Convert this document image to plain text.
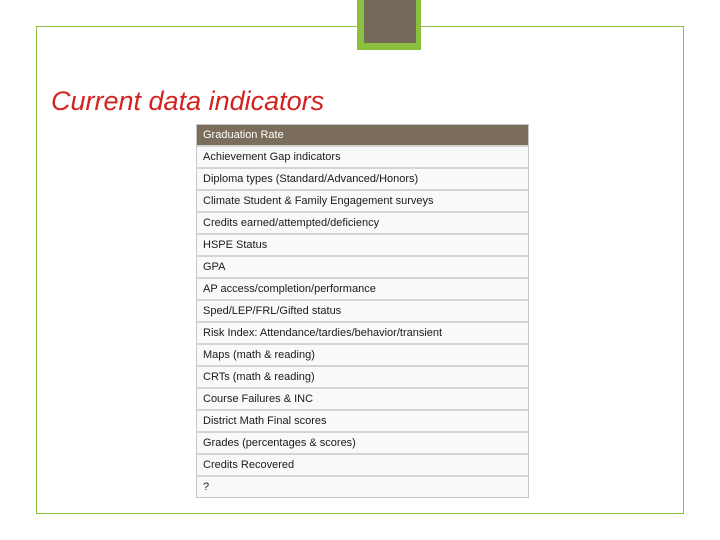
Current data indicators
Graduation Rate
Achievement Gap indicators
Diploma types (Standard/Advanced/Honors)
Climate Student & Family Engagement surveys
Credits earned/attempted/deficiency
HSPE Status
GPA
AP access/completion/performance
Sped/LEP/FRL/Gifted status
Risk Index: Attendance/tardies/behavior/transient
Maps (math & reading)
CRTs (math & reading)
Course Failures & INC
District Math Final scores
Grades (percentages & scores)
Credits Recovered
?
